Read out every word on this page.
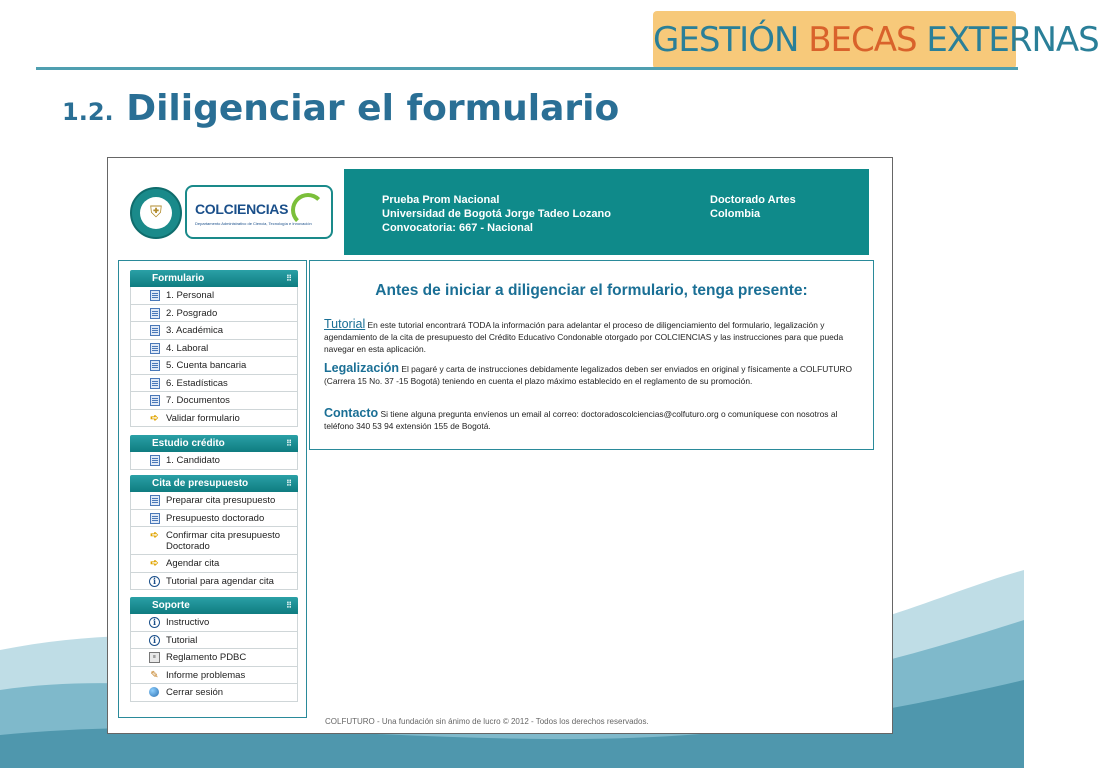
GESTIÓN BECAS EXTERNAS
1.2. Diligenciar el formulario
⛨	COLCIENCIAS
Departamento Administrativo de Ciencia, Tecnología e Innovación
Prueba Prom Nacional
Universidad de Bogotá Jorge Tadeo Lozano
Convocatoria: 667 - Nacional
Doctorado Artes
Colombia
Formulario	⠿
1. Personal
2. Posgrado
3. Académica
4. Laboral
5. Cuenta bancaria
6. Estadísticas
7. Documentos
➪ Validar formulario
Estudio crédito	⠿
1. Candidato
Cita de presupuesto	⠿
Preparar cita presupuesto
Presupuesto doctorado
➪ Confirmar cita presupuesto Doctorado
➪ Agendar cita
i	Tutorial para agendar cita
Soporte	⠿
i	Instructivo
i	Tutorial
≡	Reglamento PDBC
✎ Informe problemas
Cerrar sesión
Antes de iniciar a diligenciar el formulario, tenga presente:
Tutorial En este tutorial encontrará TODA la información para adelantar el proceso de diligenciamiento del formulario, legalización y agendamiento de la cita de presupuesto del Crédito Educativo Condonable otorgado por COLCIENCIAS y las instrucciones para que pueda navegar en esta aplicación.
Legalización El pagaré y carta de instrucciones debidamente legalizados deben ser enviados en original y físicamente a COLFUTURO (Carrera 15 No. 37 -15 Bogotá) teniendo en cuenta el plazo máximo establecido en el reglamento de su promoción.
Contacto Si tiene alguna pregunta envíenos un email al correo: doctoradoscolciencias@colfuturo.org o comuníquese con nosotros al teléfono 340 53 94 extensión 155 de Bogotá.
COLFUTURO - Una fundación sin ánimo de lucro © 2012 - Todos los derechos reservados.
